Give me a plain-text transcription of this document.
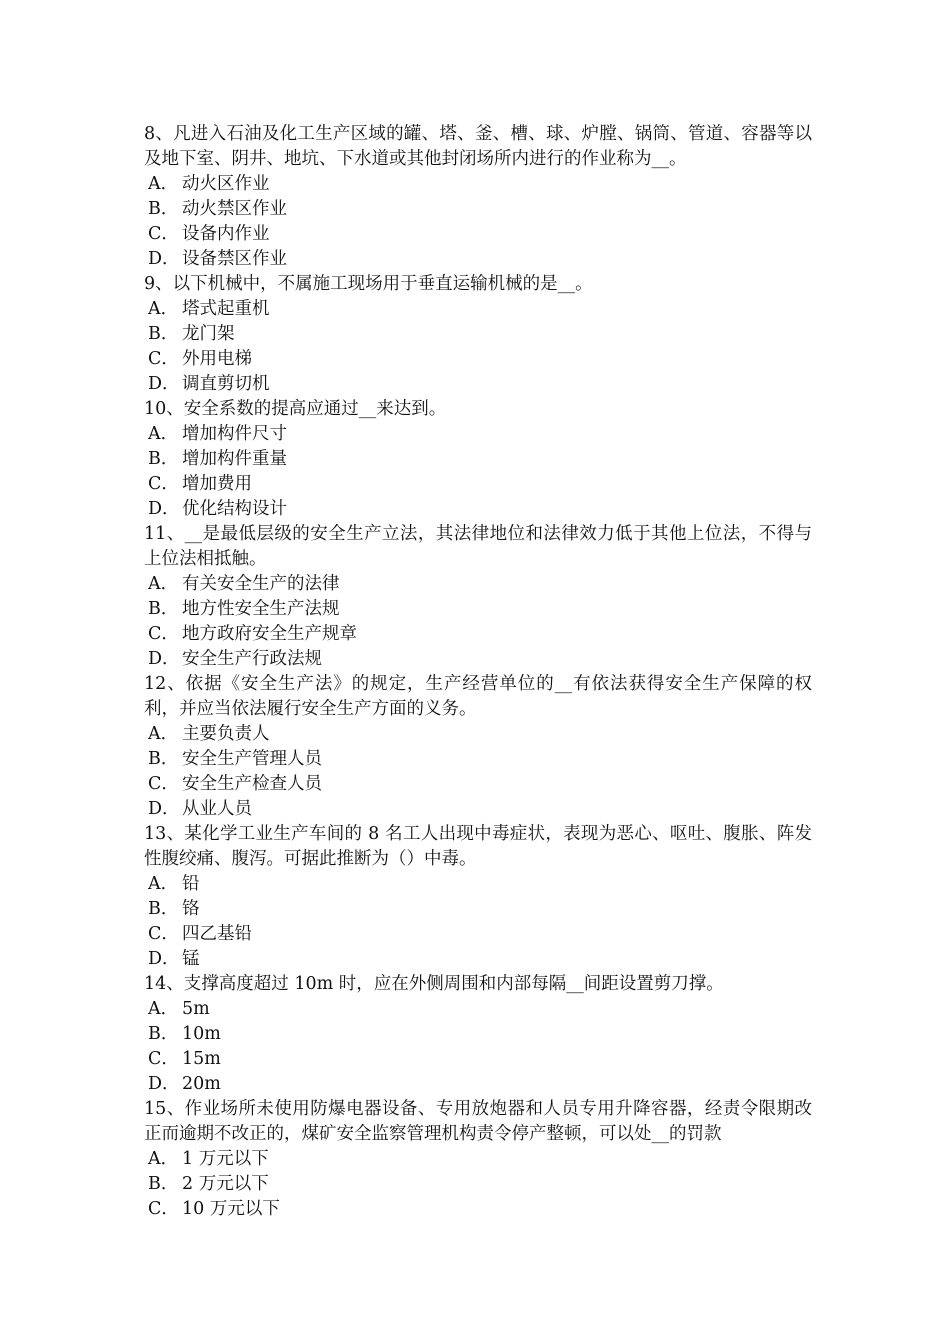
8、凡进入石油及化工生产区域的罐、塔、釜、槽、球、炉膛、锅筒、管道、容器等以及地下室、阴井、地坑、下水道或其他封闭场所内进行的作业称为__。

A． 动火区作业
B． 动火禁区作业
C． 设备内作业
D． 设备禁区作业

9、以下机械中，不属施工现场用于垂直运输机械的是__。

A． 塔式起重机
B． 龙门架
C． 外用电梯
D． 调直剪切机

10、安全系数的提高应通过__来达到。

A． 增加构件尺寸
B． 增加构件重量
C． 增加费用
D． 优化结构设计

11、__是最低层级的安全生产立法，其法律地位和法律效力低于其他上位法，不得与上位法相抵触。

A． 有关安全生产的法律
B． 地方性安全生产法规
C． 地方政府安全生产规章
D． 安全生产行政法规

12、依据《安全生产法》的规定，生产经营单位的__有依法获得安全生产保障的权利，并应当依法履行安全生产方面的义务。

A． 主要负责人
B． 安全生产管理人员
C． 安全生产检查人员
D． 从业人员

13、某化学工业生产车间的 8 名工人出现中毒症状，表现为恶心、呕吐、腹胀、阵发性腹绞痛、腹泻。可据此推断为（）中毒。

A． 铅
B． 铬
C． 四乙基铅
D． 锰

14、支撑高度超过 10m 时，应在外侧周围和内部每隔__间距设置剪刀撑。

A． 5m
B． 10m
C． 15m
D． 20m

15、作业场所未使用防爆电器设备、专用放炮器和人员专用升降容器，经责令限期改正而逾期不改正的，煤矿安全监察管理机构责令停产整顿，可以处__的罚款

A． 1 万元以下
B． 2 万元以下
C． 10 万元以下
